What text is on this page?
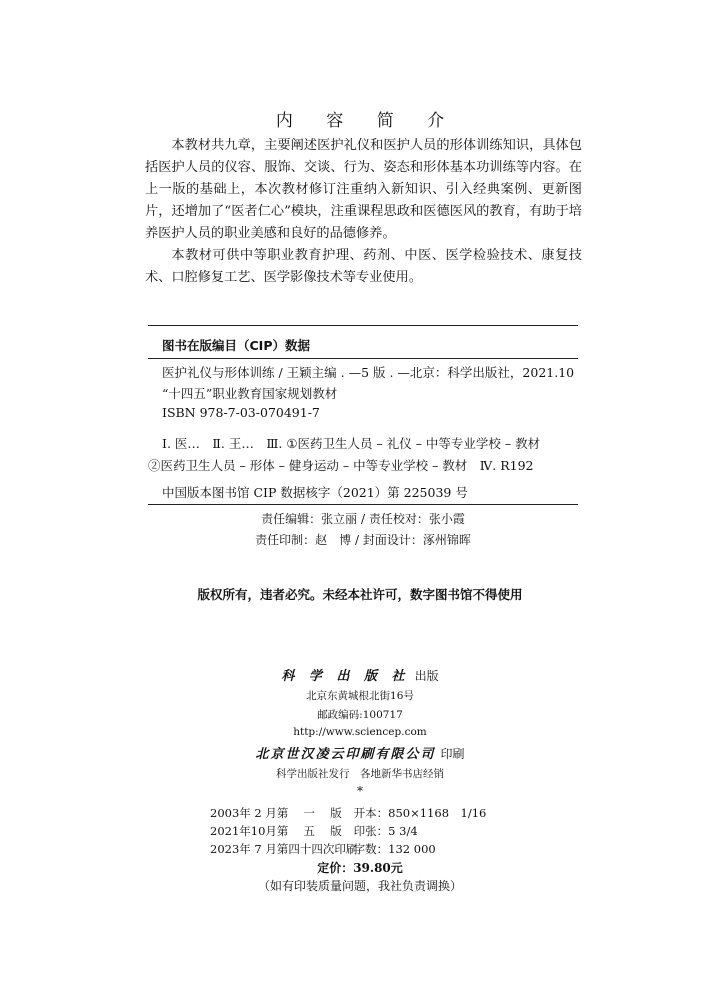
内 容 简 介

本教材共九章，主要阐述医护礼仪和医护人员的形体训练知识，具体包括医护人员的仪容、服饰、交谈、行为、姿态和形体基本功训练等内容。在上一版的基础上，本次教材修订注重纳入新知识、引入经典案例、更新图片，还增加了“医者仁心”模块，注重课程思政和医德医风的教育，有助于培养医护人员的职业美感和良好的品德修养。

本教材可供中等职业教育护理、药剂、中医、医学检验技术、康复技术、口腔修复工艺、医学影像技术等专业使用。

图书在版编目（CIP）数据
医护礼仪与形体训练 / 王颖主编 . —5 版 . —北京：科学出版社，2021.10
“十四五”职业教育国家规划教材
ISBN 978-7-03-070491-7
Ⅰ. 医…　Ⅱ. 王…　Ⅲ. ①医药卫生人员 – 礼仪 – 中等专业学校 – 教材
②医药卫生人员 – 形体 – 健身运动 – 中等专业学校 – 教材　Ⅳ. R192
中国版本图书馆 CIP 数据核字（2021）第 225039 号
责任编辑：张立丽 / 责任校对：张小霞
责任印制：赵　博 / 封面设计：涿州锦晖
版权所有，违者必究。未经本社许可，数字图书馆不得使用
科 学 出 版 社 出版
北京东黄城根北街16号
邮政编码:100717
http://www.sciencep.com
北京世汉凌云印刷有限公司 印刷
科学出版社发行　各地新华书店经销
*
2003年 2 月第　 一　 版 开本：850×1168　1/16
2021年10月第　 五　 版 印张：5 3/4
2023年 7 月第四十四次印刷 字数：132 000
定价：39.80元
（如有印装质量问题，我社负责调换）
